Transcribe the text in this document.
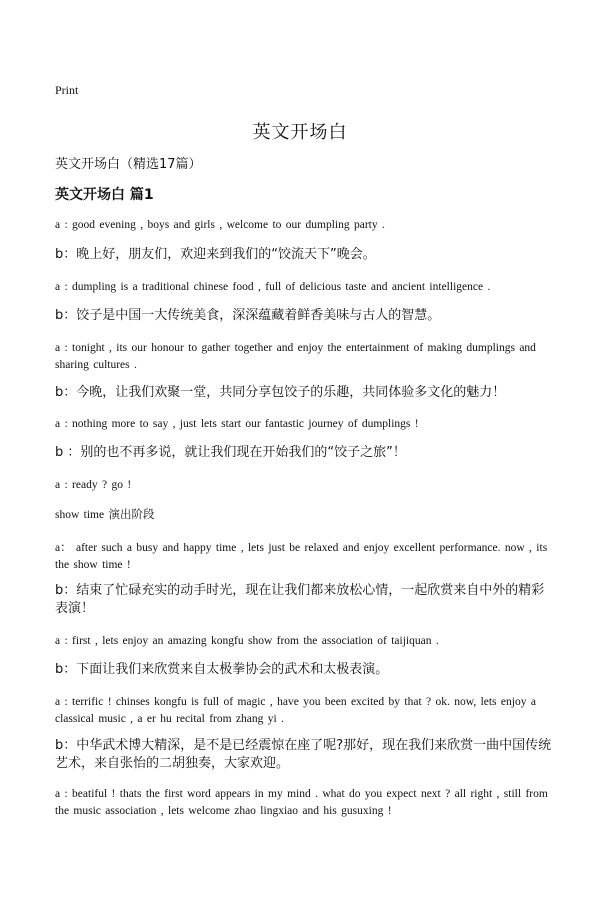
Print
英文开场白
英文开场白（精选17篇）
英文开场白 篇1

a : good evening , boys and girls , welcome to our dumpling party .

b：晚上好，朋友们，欢迎来到我们的“饺流天下”晚会。

a : dumpling is a traditional chinese food , full of delicious taste and ancient intelligence .

b：饺子是中国一大传统美食，深深蕴藏着鲜香美味与古人的智慧。

a : tonight , its our honour to gather together and enjoy the entertainment of making dumplings and sharing cultures .

b：今晚，让我们欢聚一堂，共同分享包饺子的乐趣，共同体验多文化的魅力！

a : nothing more to say , just lets start our fantastic journey of dumplings !

b ：别的也不再多说，就让我们现在开始我们的“饺子之旅”！

a : ready ? go !

show time 演出阶段

a： after such a busy and happy time , lets just be relaxed and enjoy excellent performance. now , its the show time !

b：结束了忙碌充实的动手时光，现在让我们都来放松心情，一起欣赏来自中外的精彩表演！

a : first , lets enjoy an amazing kongfu show from the association of taijiquan .

b：下面让我们来欣赏来自太极拳协会的武术和太极表演。

a : terrific ! chinses kongfu is full of magic , have you been excited by that ? ok. now, lets enjoy a classical music , a er hu recital from zhang yi .

b：中华武术博大精深，是不是已经震惊在座了呢?那好，现在我们来欣赏一曲中国传统艺术，来自张怡的二胡独奏，大家欢迎。

a : beatiful ! thats the first word appears in my mind . what do you expect next ? all right , still from the music association , lets welcome zhao lingxiao and his gusuxing !
